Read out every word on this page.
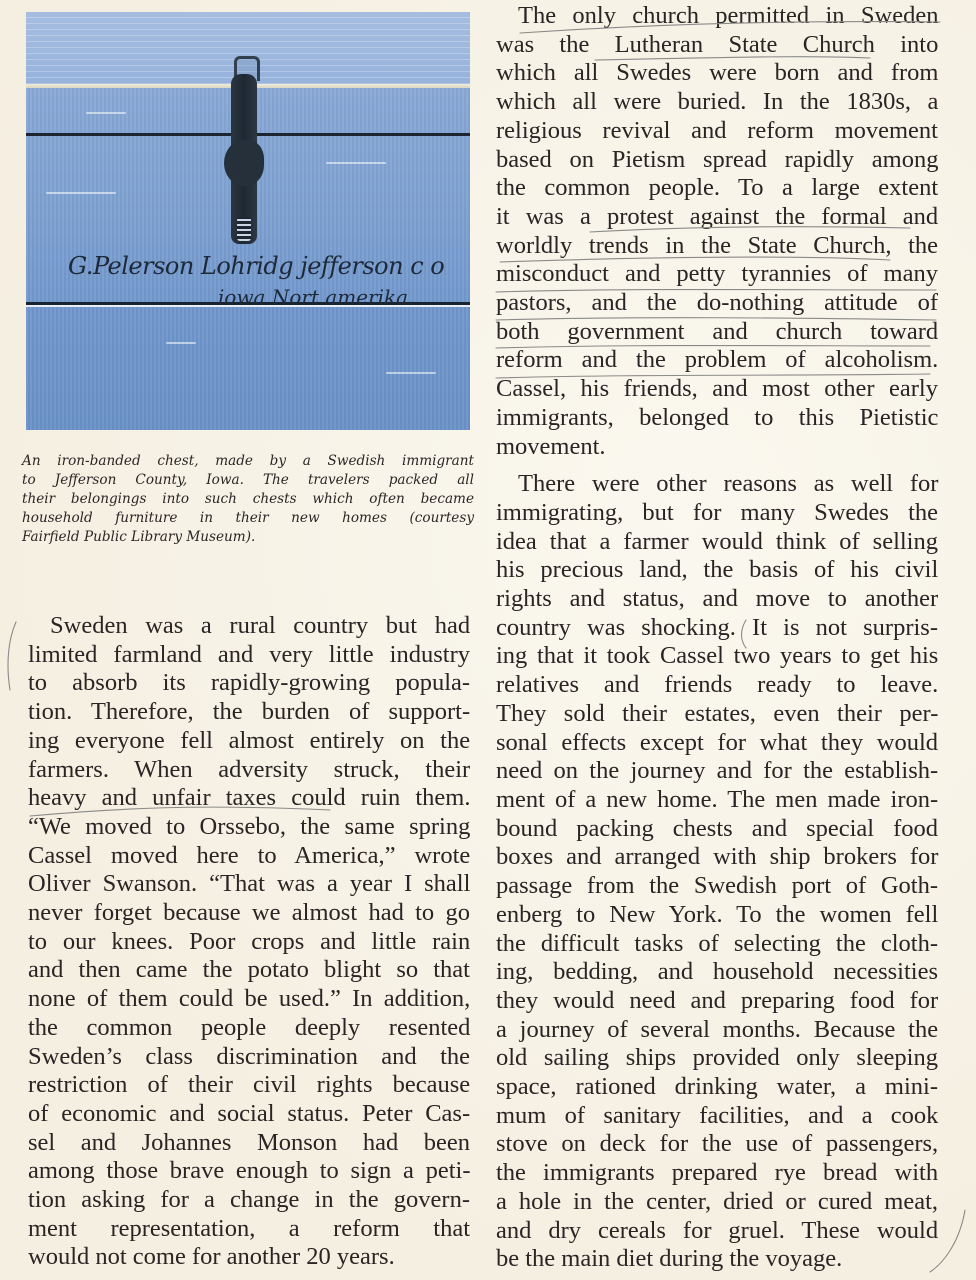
G.Pelerson Lohridg jefferson c o
iowa Nort amerika.
An iron-banded chest, made by a Swedish immigrant
to Jefferson County, Iowa. The travelers packed all
their belongings into such chests which often became
household furniture in their new homes (courtesy
Fairfield Public Library Museum).

Sweden was a rural country but had
limited farmland and very little industry
to absorb its rapidly-growing popula-
tion. Therefore, the burden of support-
ing everyone fell almost entirely on the
farmers. When adversity struck, their
heavy and unfair taxes could ruin them.
“We moved to Orssebo, the same spring
Cassel moved here to America,” wrote
Oliver Swanson. “That was a year I shall
never forget because we almost had to go
to our knees. Poor crops and little rain
and then came the potato blight so that
none of them could be used.” In addition,
the common people deeply resented
Sweden’s class discrimination and the
restriction of their civil rights because
of economic and social status. Peter Cas-
sel and Johannes Monson had been
among those brave enough to sign a peti-
tion asking for a change in the govern-
ment representation, a reform that
would not come for another 20 years.

The only church permitted in Sweden
was the Lutheran State Church into
which all Swedes were born and from
which all were buried. In the 1830s, a
religious revival and reform movement
based on Pietism spread rapidly among
the common people. To a large extent
it was a protest against the formal and
worldly trends in the State Church, the
misconduct and petty tyrannies of many
pastors, and the do-nothing attitude of
both government and church toward
reform and the problem of alcoholism.
Cassel, his friends, and most other early
immigrants, belonged to this Pietistic
movement.

There were other reasons as well for
immigrating, but for many Swedes the
idea that a farmer would think of selling
his precious land, the basis of his civil
rights and status, and move to another
country was shocking. It is not surpris-
ing that it took Cassel two years to get his
relatives and friends ready to leave.
They sold their estates, even their per-
sonal effects except for what they would
need on the journey and for the establish-
ment of a new home. The men made iron-
bound packing chests and special food
boxes and arranged with ship brokers for
passage from the Swedish port of Goth-
enberg to New York. To the women fell
the difficult tasks of selecting the cloth-
ing, bedding, and household necessities
they would need and preparing food for
a journey of several months. Because the
old sailing ships provided only sleeping
space, rationed drinking water, a mini-
mum of sanitary facilities, and a cook
stove on deck for the use of passengers,
the immigrants prepared rye bread with
a hole in the center, dried or cured meat,
and dry cereals for gruel. These would
be the main diet during the voyage.
